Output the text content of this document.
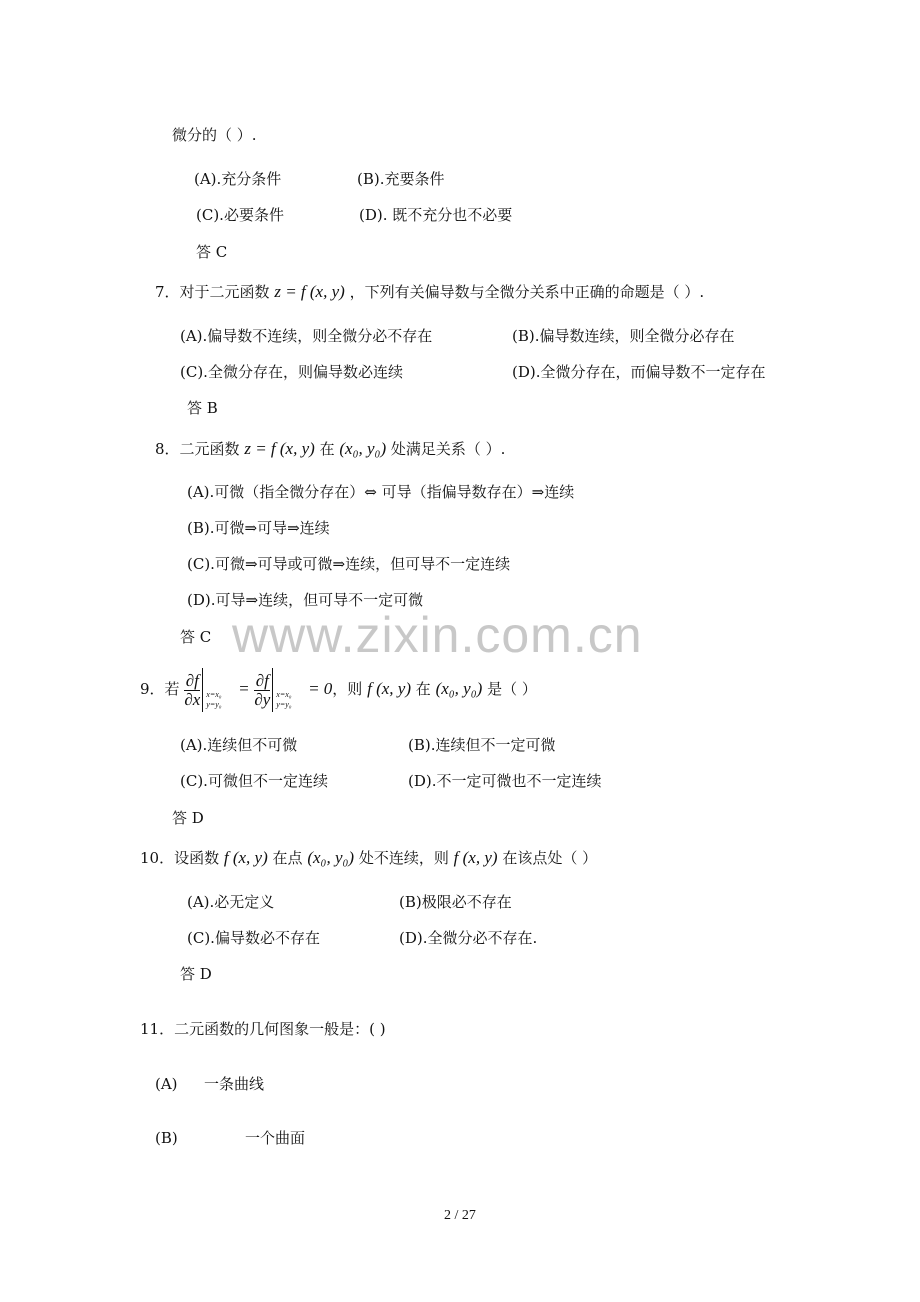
微分的（ ）.
(A).充分条件	(B).充要条件
(C).必要条件	(D). 既不充分也不必要
答 C
7．对于二元函数 z = f (x, y) ，下列有关偏导数与全微分关系中正确的命题是（ ）.
(A).偏导数不连续，则全微分必不存在	(B).偏导数连续，则全微分必存在
(C).全微分存在，则偏导数必连续	(D).全微分存在，而偏导数不一定存在
答 B
8．二元函数 z = f (x, y) 在 (x₀, y₀) 处满足关系（ ）.
(A).可微（指全微分存在）⇔ 可导（指偏导数存在）⇒连续
(B).可微⇒可导⇒连续
(C).可微⇒可导或可微⇒连续，但可导不一定连续
(D).可导⇒连续，但可导不一定可微
答 C www.zixin.com.cn
9．若 $\frac{\partial f}{\partial x} x=x_0$
y=y₀
= $\frac{\partial f}{\partial y} x=x_0$
y=y₀
= 0，则 f (x, y) 在 (x₀, y₀) 是（ ）
(A).连续但不可微	(B).连续但不一定可微
(C).可微但不一定连续	(D).不一定可微也不一定连续
答 D
10．设函数 f (x, y) 在点 (x₀, y₀) 处不连续，则 f (x, y) 在该点处（ ）
(A).必无定义	(B)极限必不存在
(C).偏导数必不存在	(D).全微分必不存在.
答 D
11．二元函数的几何图象一般是：( )
(A) 一条曲线
(B)	一个曲面
2 / 27
